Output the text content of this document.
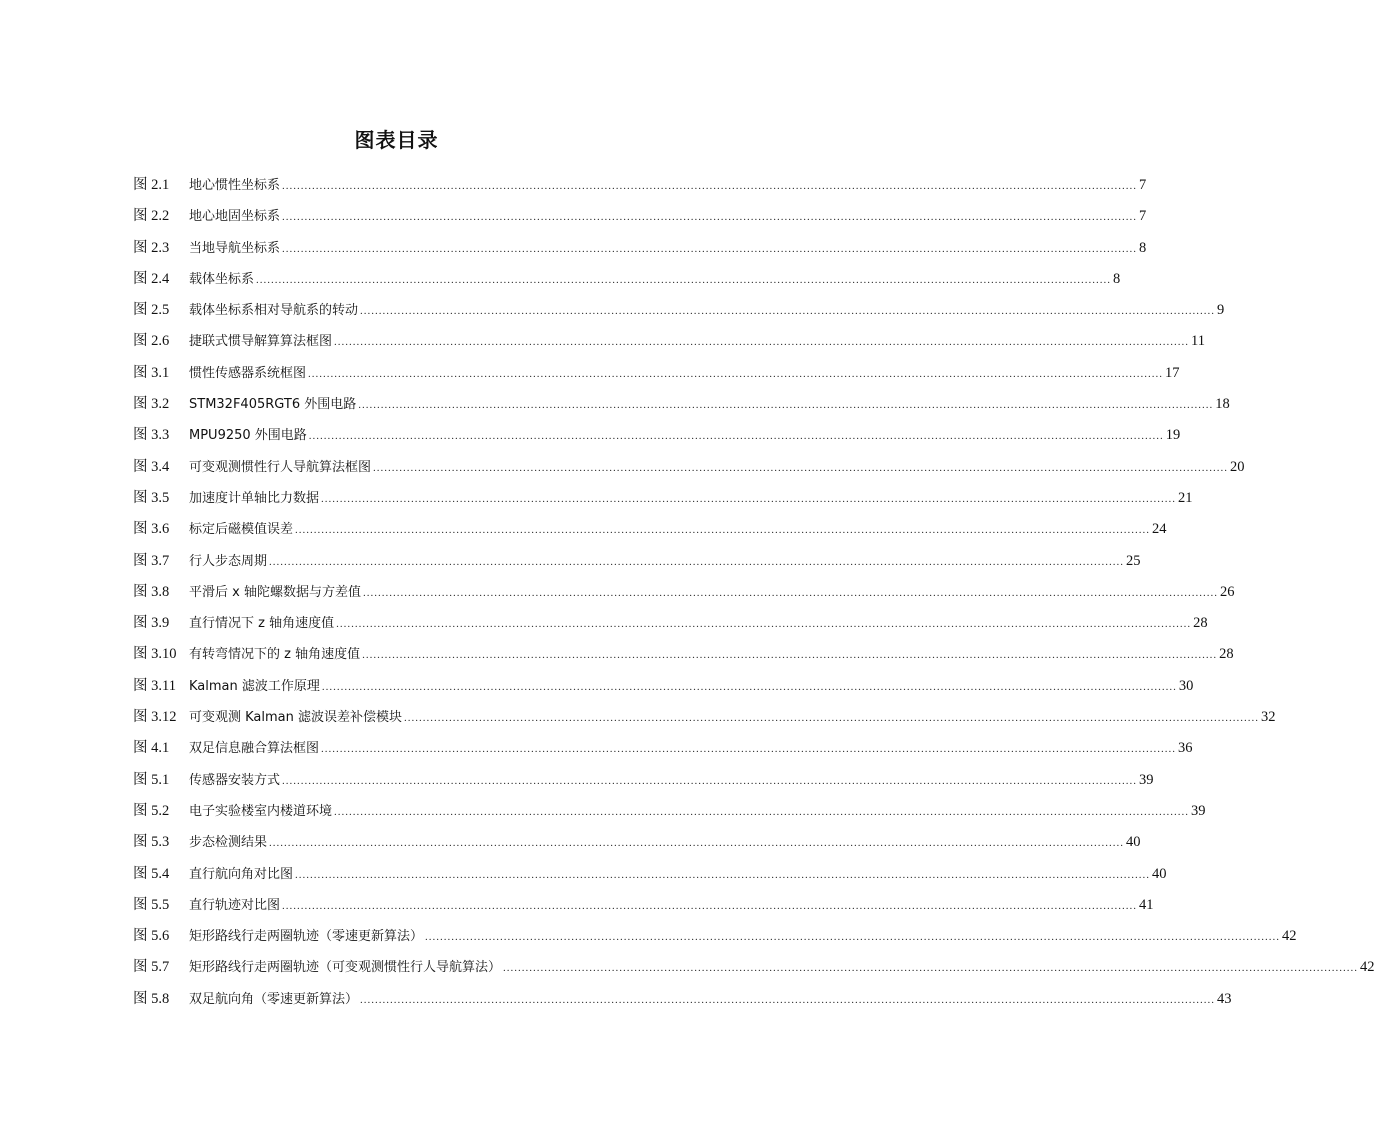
图表目录
图 2.1	地心惯性坐标系 .....	7
图 2.2	地心地固坐标系 .....	7
图 2.3	当地导航坐标系 .....	8
图 2.4	载体坐标系 .....	8
图 2.5	载体坐标系相对导航系的转动 .....	9
图 2.6	捷联式惯导解算算法框图 .....	11
图 3.1	惯性传感器系统框图 .....	17
图 3.2	STM32F405RGT6 外围电路 .....	18
图 3.3	MPU9250 外围电路 .....	19
图 3.4	可变观测惯性行人导航算法框图 .....	20
图 3.5	加速度计单轴比力数据 .....	21
图 3.6	标定后磁模值误差 .....	24
图 3.7	行人步态周期 .....	25
图 3.8	平滑后 x 轴陀螺数据与方差值 .....	26
图 3.9	直行情况下 z 轴角速度值 .....	28
图 3.10 有转弯情况下的 z 轴角速度值 .....	28
图 3.11	Kalman 滤波工作原理 .....	30
图 3.12 可变观测 Kalman 滤波误差补偿模块 .....	32
图 4.1	双足信息融合算法框图 .....	36
图 5.1	传感器安装方式 .....	39
图 5.2	电子实验楼室内楼道环境 .....	39
图 5.3	步态检测结果 .....	40
图 5.4	直行航向角对比图 .....	40
图 5.5	直行轨迹对比图 .....	41
图 5.6	矩形路线行走两圈轨迹（零速更新算法） .....	42
图 5.7	矩形路线行走两圈轨迹（可变观测惯性行人导航算法） .....	42
图 5.8	双足航向角（零速更新算法） .....	43
